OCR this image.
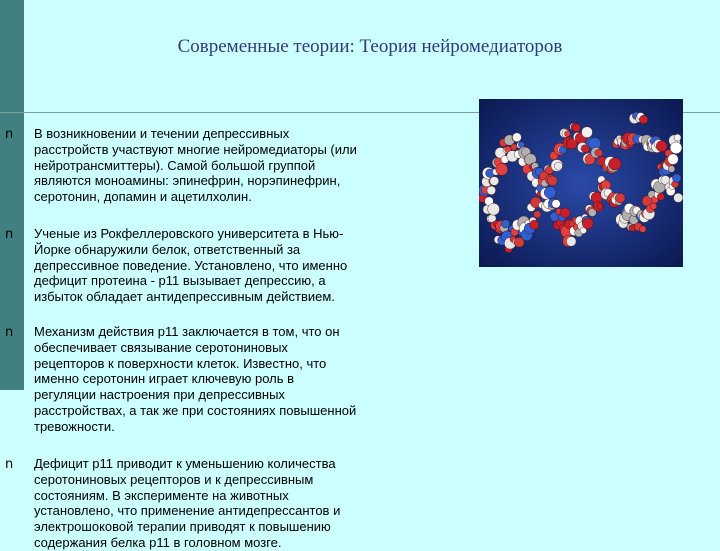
Современные теории: Теория нейромедиаторов
n В возникновении и течении депрессивных
расстройств участвуют многие нейромедиаторы (или
нейротрансмиттеры). Самой большой группой
являются моноамины: эпинефрин, норэпинефрин,
серотонин, допамин и ацетилхолин.

n Ученые из Рокфеллеровского университета в Нью-
Йорке обнаружили белок, ответственный за
депрессивное поведение. Установлено, что именно
дефицит протеина - p11 вызывает депрессию, а
избыток обладает антидепрессивным действием.

n Механизм действия p11 заключается в том, что он
обеспечивает связывание серотониновых
рецепторов к поверхности клеток. Известно, что
именно серотонин играет ключевую роль в
регуляции настроения при депрессивных
расстройствах, а так же при состояниях повышенной
тревожности.

n Дефицит p11 приводит к уменьшению количества
серотониновых рецепторов и к депрессивным
состояниям. В эксперименте на животных
установлено, что применение антидепрессантов и
электрошоковой терапии приводят к повышению
содержания белка p11 в головном мозге.
